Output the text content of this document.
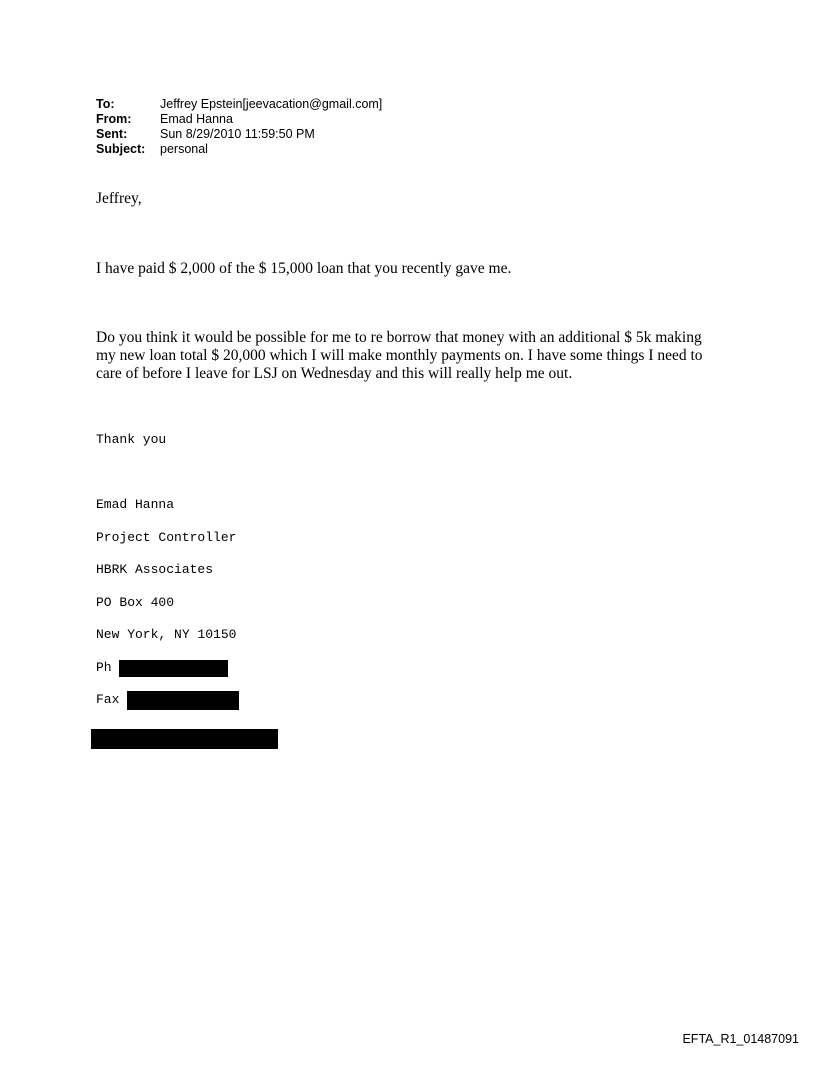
To:	Jeffrey Epstein[jeevacation@gmail.com]
From:	Emad Hanna
Sent:	Sun 8/29/2010 11:59:50 PM
Subject:	personal
Jeffrey,
I have paid $ 2,000 of the $ 15,000 loan that you recently gave me.
Do you think it would be possible for me to re borrow that money with an additional $ 5k making
my new loan total $ 20,000 which I will make monthly payments on. I have some things I need to
care of before I leave for LSJ on Wednesday and this will really help me out.
Thank you
Emad Hanna
Project Controller
HBRK Associates
PO Box 400
New York, NY 10150
Ph
Fax
EFTA_R1_01487091
